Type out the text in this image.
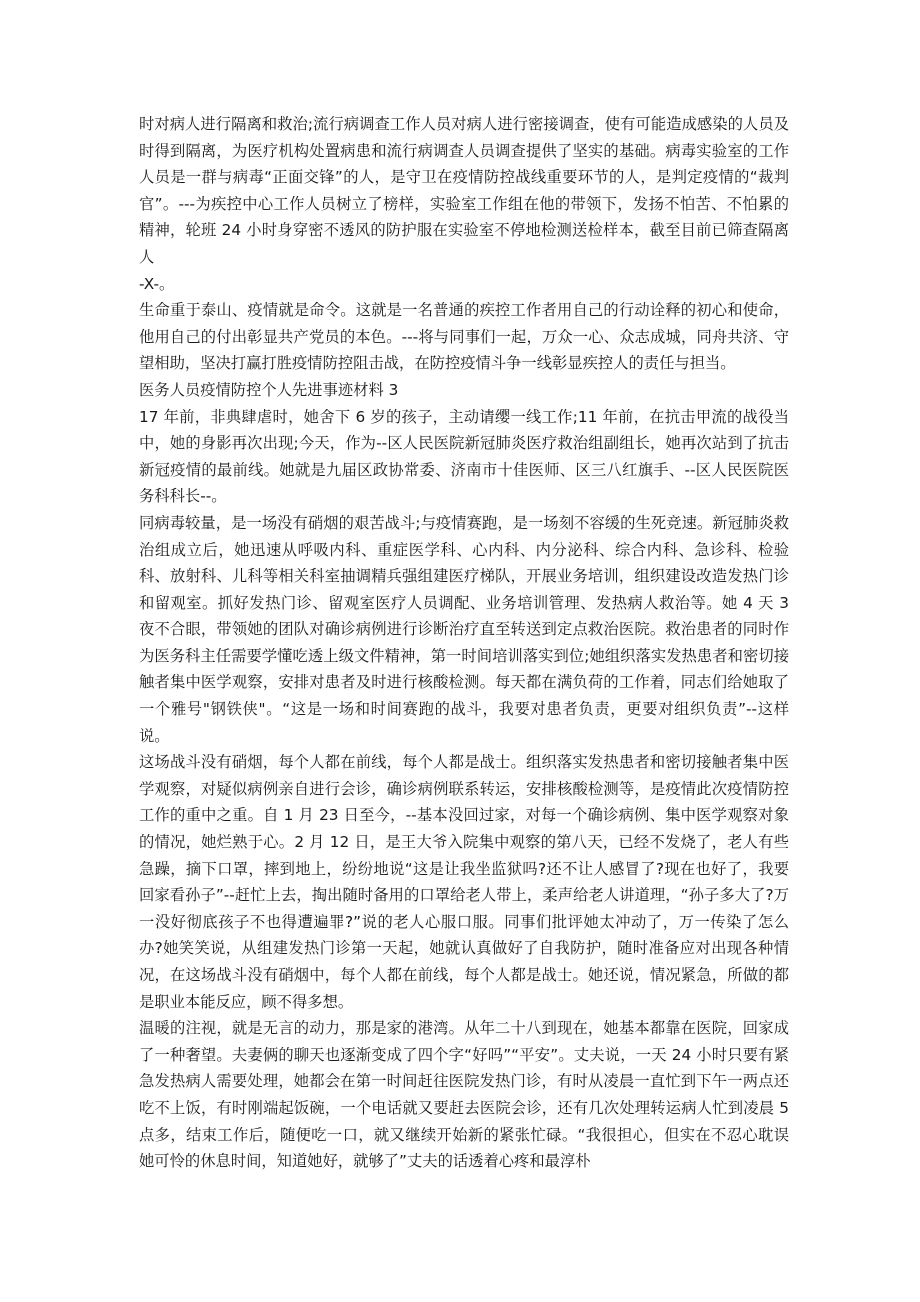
时对病人进行隔离和救治;流行病调查工作人员对病人进行密接调查，使有可能造成感染的人员及时得到隔离，为医疗机构处置病患和流行病调查人员调查提供了坚实的基础。病毒实验室的工作人员是一群与病毒“正面交锋”的人，是守卫在疫情防控战线重要环节的人，是判定疫情的“裁判官”。---为疾控中心工作人员树立了榜样，实验室工作组在他的带领下，发扬不怕苦、不怕累的精神，轮班 24 小时身穿密不透风的防护服在实验室不停地检测送检样本，截至目前已筛查隔离人

-X-。

生命重于泰山、疫情就是命令。这就是一名普通的疾控工作者用自己的行动诠释的初心和使命，他用自己的付出彰显共产党员的本色。---将与同事们一起，万众一心、众志成城，同舟共济、守望相助，坚决打赢打胜疫情防控阻击战，在防控疫情斗争一线彰显疾控人的责任与担当。

医务人员疫情防控个人先进事迹材料 3

17 年前，非典肆虐时，她舍下 6 岁的孩子，主动请缨一线工作;11 年前，在抗击甲流的战役当中，她的身影再次出现;今天，作为--区人民医院新冠肺炎医疗救治组副组长，她再次站到了抗击新冠疫情的最前线。她就是九届区政协常委、济南市十佳医师、区三八红旗手、--区人民医院医务科科长--。

同病毒较量，是一场没有硝烟的艰苦战斗;与疫情赛跑，是一场刻不容缓的生死竞速。新冠肺炎救治组成立后，她迅速从呼吸内科、重症医学科、心内科、内分泌科、综合内科、急诊科、检验科、放射科、儿科等相关科室抽调精兵强组建医疗梯队，开展业务培训，组织建设改造发热门诊和留观室。抓好发热门诊、留观室医疗人员调配、业务培训管理、发热病人救治等。她 4 天 3 夜不合眼，带领她的团队对确诊病例进行诊断治疗直至转送到定点救治医院。救治患者的同时作为医务科主任需要学懂吃透上级文件精神，第一时间培训落实到位;她组织落实发热患者和密切接触者集中医学观察，安排对患者及时进行核酸检测。每天都在满负荷的工作着，同志们给她取了一个雅号"钢铁侠"。“这是一场和时间赛跑的战斗，我要对患者负责，更要对组织负责”--这样说。

这场战斗没有硝烟，每个人都在前线，每个人都是战士。组织落实发热患者和密切接触者集中医学观察，对疑似病例亲自进行会诊，确诊病例联系转运，安排核酸检测等，是疫情此次疫情防控工作的重中之重。自 1 月 23 日至今，--基本没回过家，对每一个确诊病例、集中医学观察对象的情况，她烂熟于心。2 月 12 日，是王大爷入院集中观察的第八天，已经不发烧了，老人有些急躁，摘下口罩，摔到地上，纷纷地说“这是让我坐监狱吗?还不让人感冒了?现在也好了，我要回家看孙子”--赶忙上去，掏出随时备用的口罩给老人带上，柔声给老人讲道理，“孙子多大了?万一没好彻底孩子不也得遭遍罪?”说的老人心服口服。同事们批评她太冲动了，万一传染了怎么办?她笑笑说，从组建发热门诊第一天起，她就认真做好了自我防护，随时准备应对出现各种情况，在这场战斗没有硝烟中，每个人都在前线，每个人都是战士。她还说，情况紧急，所做的都是职业本能反应，顾不得多想。

温暖的注视，就是无言的动力，那是家的港湾。从年二十八到现在，她基本都靠在医院，回家成了一种奢望。夫妻俩的聊天也逐渐变成了四个字“好吗”“平安”。丈夫说，一天 24 小时只要有紧急发热病人需要处理，她都会在第一时间赶往医院发热门诊，有时从凌晨一直忙到下午一两点还吃不上饭，有时刚端起饭碗，一个电话就又要赶去医院会诊，还有几次处理转运病人忙到凌晨 5 点多，结束工作后，随便吃一口，就又继续开始新的紧张忙碌。“我很担心，但实在不忍心耽误她可怜的休息时间，知道她好，就够了”丈夫的话透着心疼和最淳朴
